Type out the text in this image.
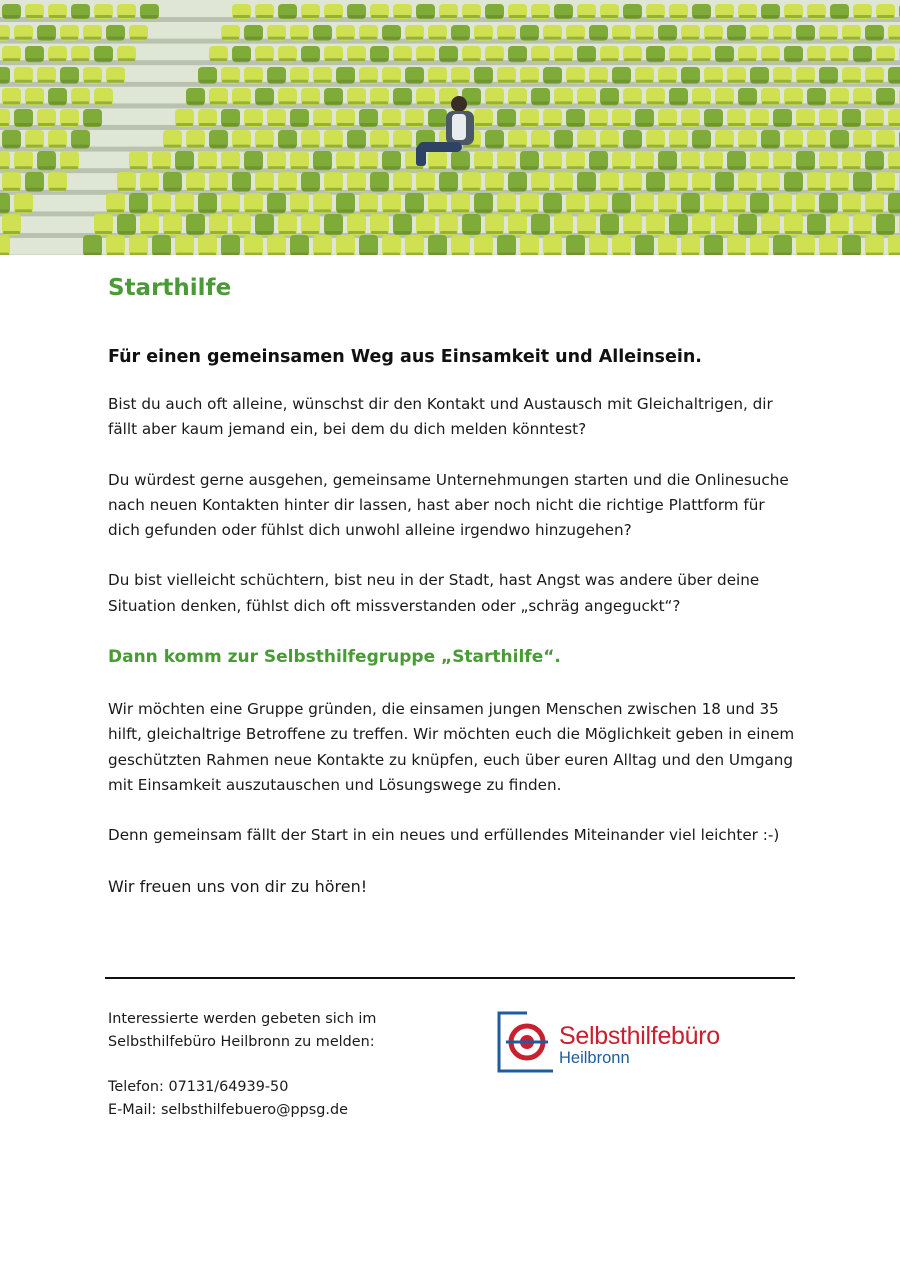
Starthilfe
Für einen gemeinsamen Weg aus Einsamkeit und Alleinsein.

Bist du auch oft alleine, wünschst dir den Kontakt und Austausch mit Gleichaltrigen, dir fällt aber kaum jemand ein, bei dem du dich melden könntest?

Du würdest gerne ausgehen, gemeinsame Unternehmungen starten und die Onlinesuche nach neuen Kontakten hinter dir lassen, hast aber noch nicht die richtige Plattform für dich gefunden oder fühlst dich unwohl alleine irgendwo hinzugehen?

Du bist vielleicht schüchtern, bist neu in der Stadt, hast Angst was andere über deine Situation denken, fühlst dich oft missverstanden oder „schräg angeguckt“?

Dann komm zur Selbsthilfegruppe „Starthilfe“.

Wir möchten eine Gruppe gründen, die einsamen jungen Menschen zwischen 18 und 35 hilft, gleichaltrige Betroffene zu treffen. Wir möchten euch die Möglichkeit geben in einem geschützten Rahmen neue Kontakte zu knüpfen, euch über euren Alltag und den Umgang mit Einsamkeit auszutauschen und Lösungswege zu finden.

Denn gemeinsam fällt der Start in ein neues und erfüllendes Miteinander viel leichter :-)

Wir freuen uns von dir zu hören!

Interessierte werden gebeten sich im

Selbsthilfebüro Heilbronn zu melden:

Telefon: 07131/64939-50

E-Mail: selbsthilfebuero@ppsg.de

Selbsthilfebüro
Heilbronn
